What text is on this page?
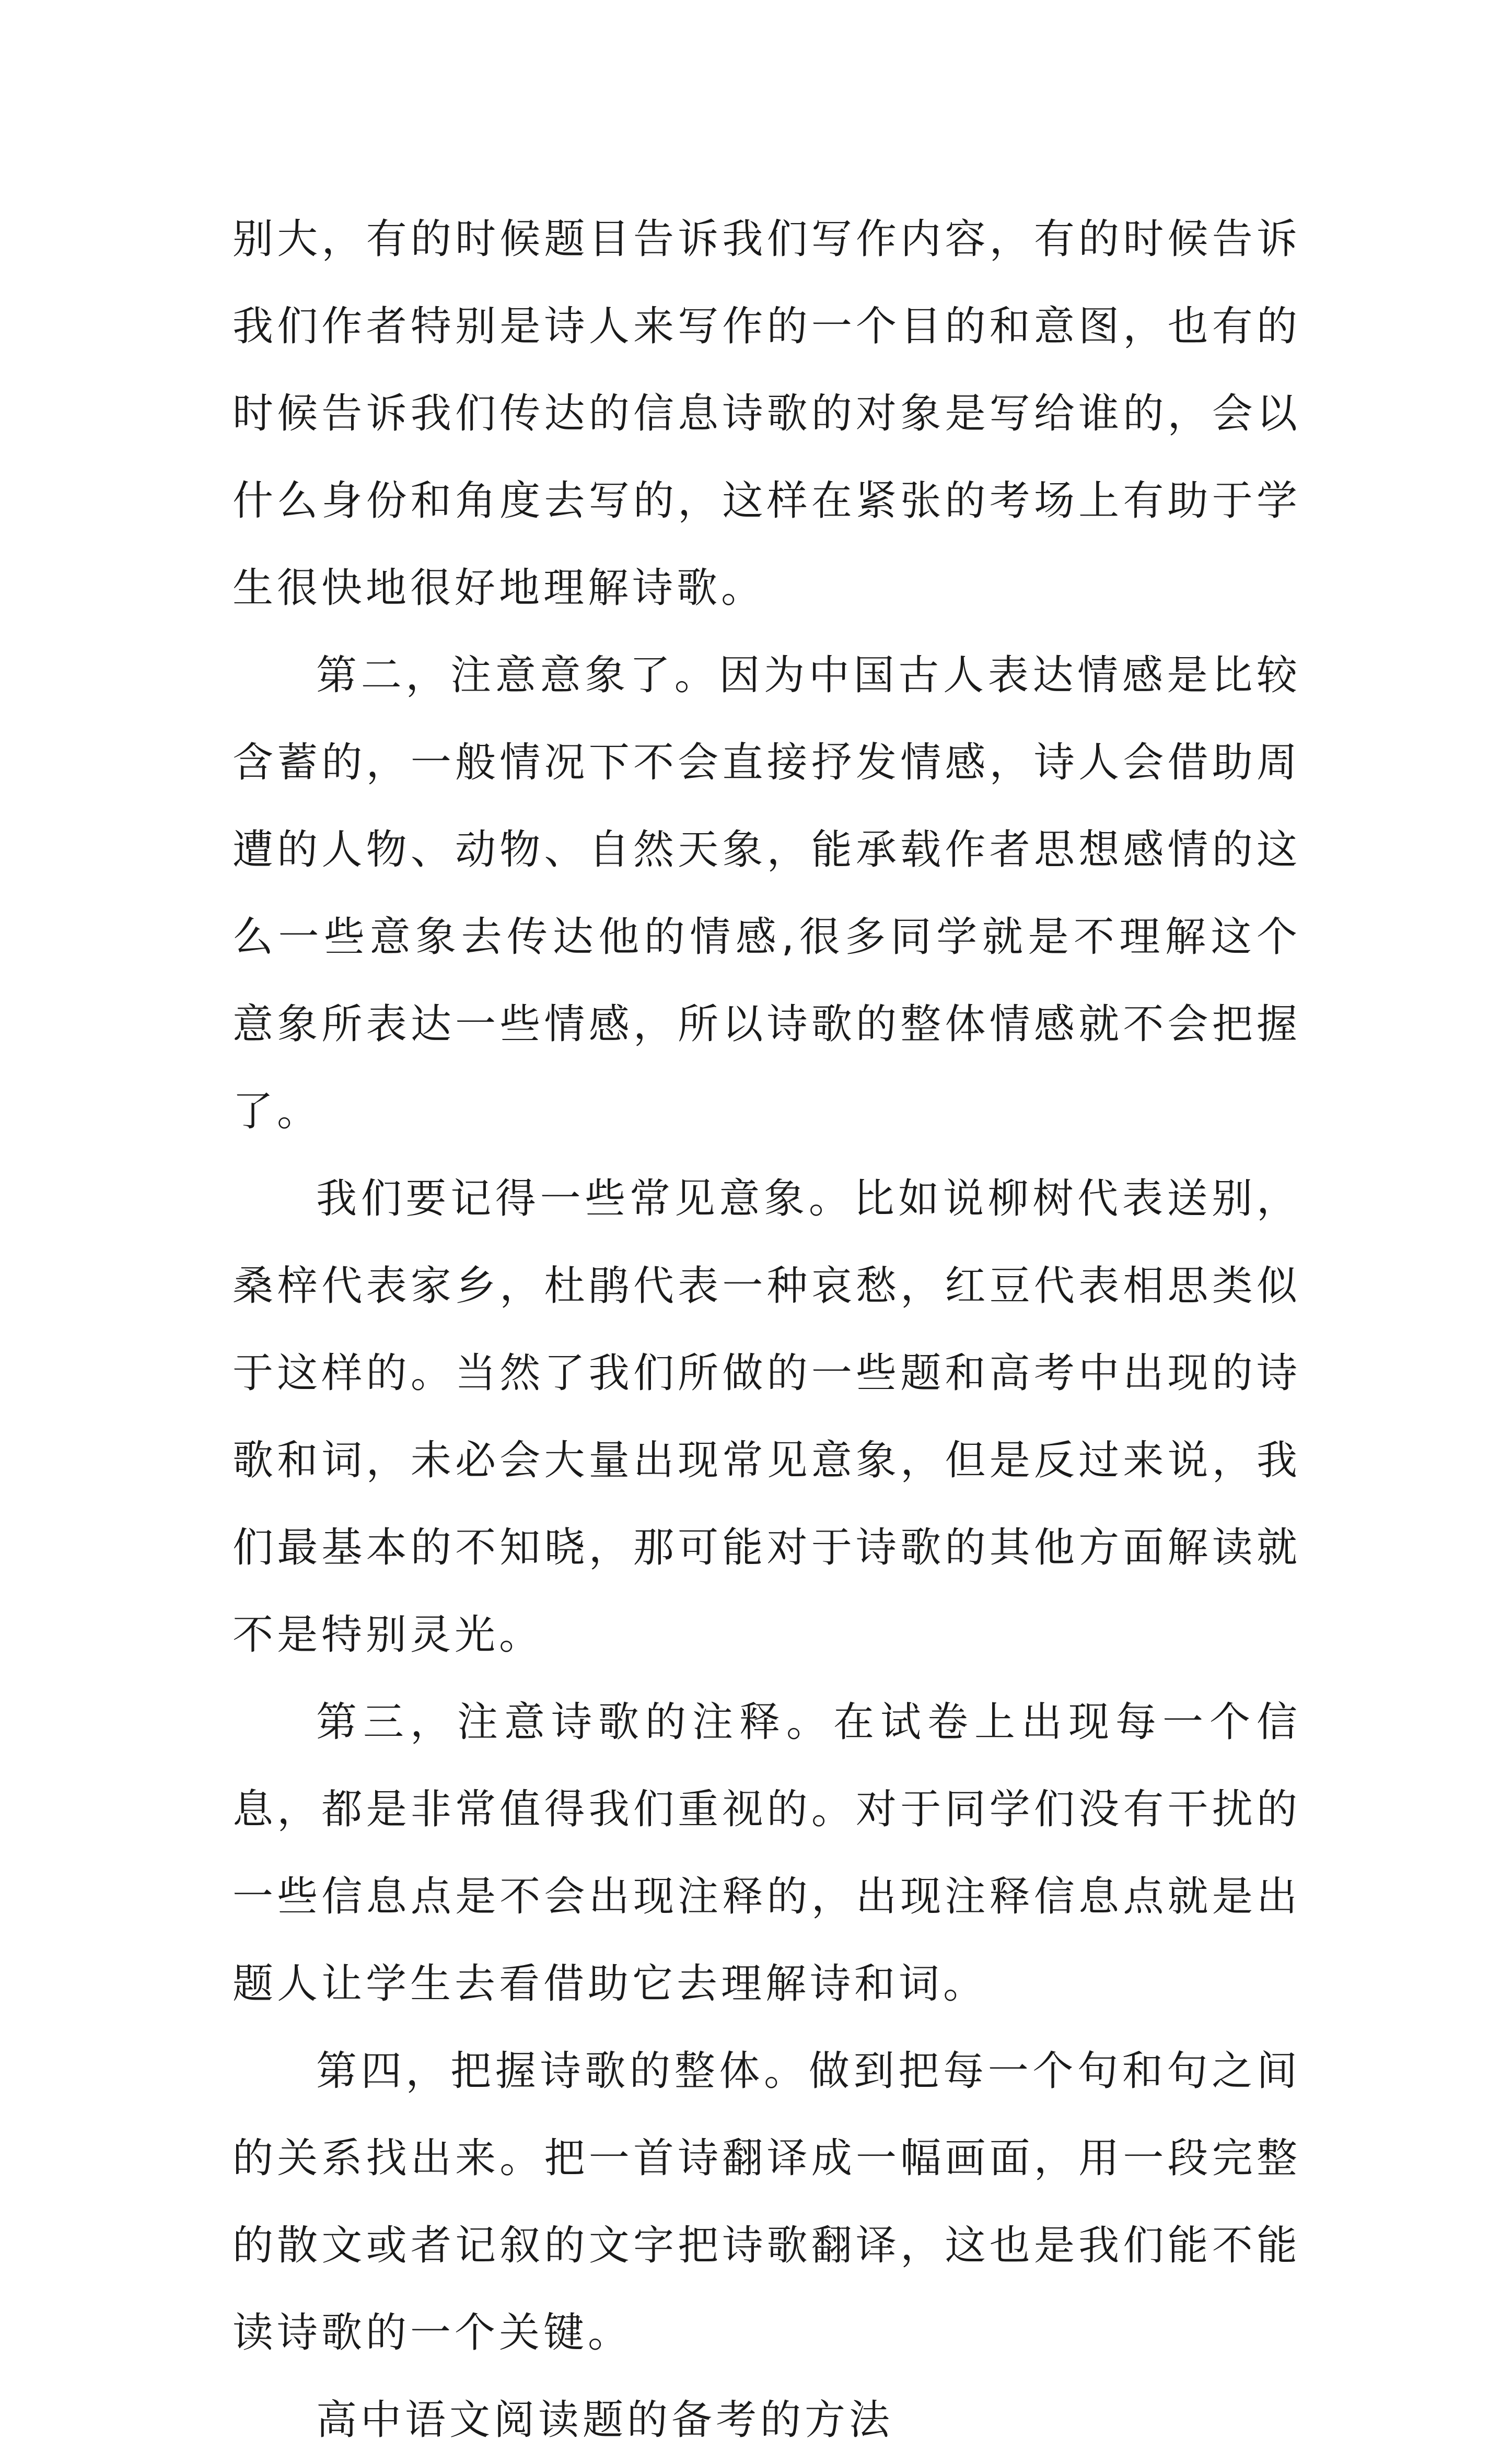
别大，有的时候题目告诉我们写作内容，有的时候告诉我们作者特别是诗人来写作的一个目的和意图，也有的时候告诉我们传达的信息诗歌的对象是写给谁的，会以什么身份和角度去写的，这样在紧张的考场上有助于学生很快地很好地理解诗歌。

第二，注意意象了。因为中国古人表达情感是比较含蓄的，一般情况下不会直接抒发情感，诗人会借助周遭的人物、动物、自然天象，能承载作者思想感情的这么一些意象去传达他的情感,很多同学就是不理解这个意象所表达一些情感，所以诗歌的整体情感就不会把握了。

我们要记得一些常见意象。比如说柳树代表送别，桑梓代表家乡，杜鹃代表一种哀愁，红豆代表相思类似于这样的。当然了我们所做的一些题和高考中出现的诗歌和词，未必会大量出现常见意象，但是反过来说，我们最基本的不知晓，那可能对于诗歌的其他方面解读就不是特别灵光。

第三，注意诗歌的注释。在试卷上出现每一个信息，都是非常值得我们重视的。对于同学们没有干扰的一些信息点是不会出现注释的，出现注释信息点就是出题人让学生去看借助它去理解诗和词。

第四，把握诗歌的整体。做到把每一个句和句之间的关系找出来。把一首诗翻译成一幅画面，用一段完整的散文或者记叙的文字把诗歌翻译，这也是我们能不能读诗歌的一个关键。

高中语文阅读题的备考的方法
